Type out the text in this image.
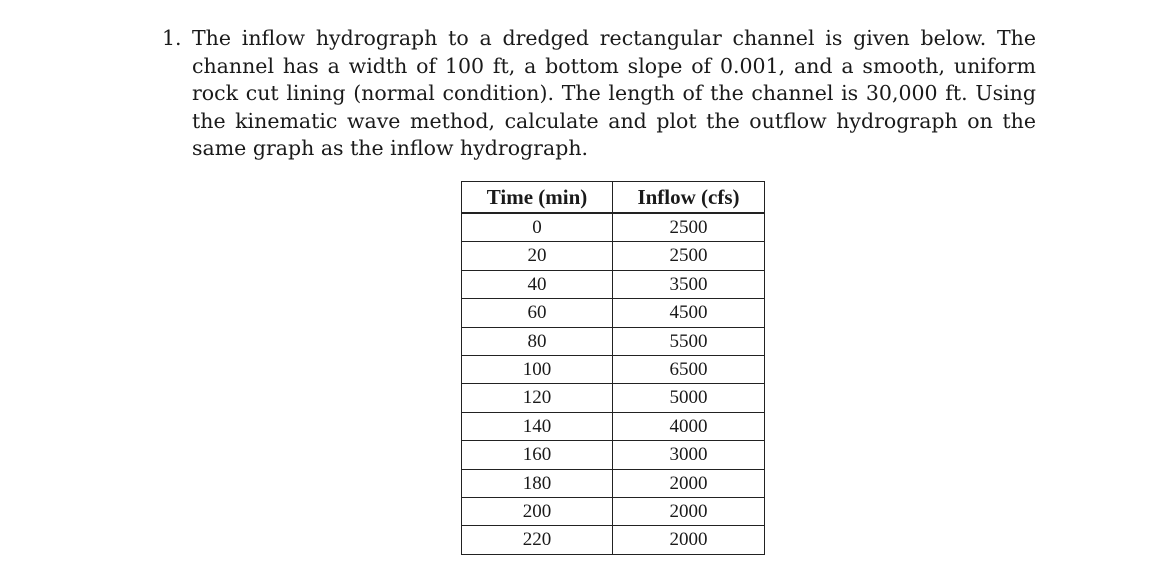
1. The inflow hydrograph to a dredged rectangular channel is given below. The channel has a width of 100 ft, a bottom slope of 0.001, and a smooth, uniform rock cut lining (normal condition). The length of the channel is 30,000 ft. Using the kinematic wave method, calculate and plot the outflow hydrograph on the same graph as the inflow hydrograph.
Time (min)	Inflow (cfs)
0	2500
20	2500
40	3500
60	4500
80	5500
100	6500
120	5000
140	4000
160	3000
180	2000
200	2000
220	2000
